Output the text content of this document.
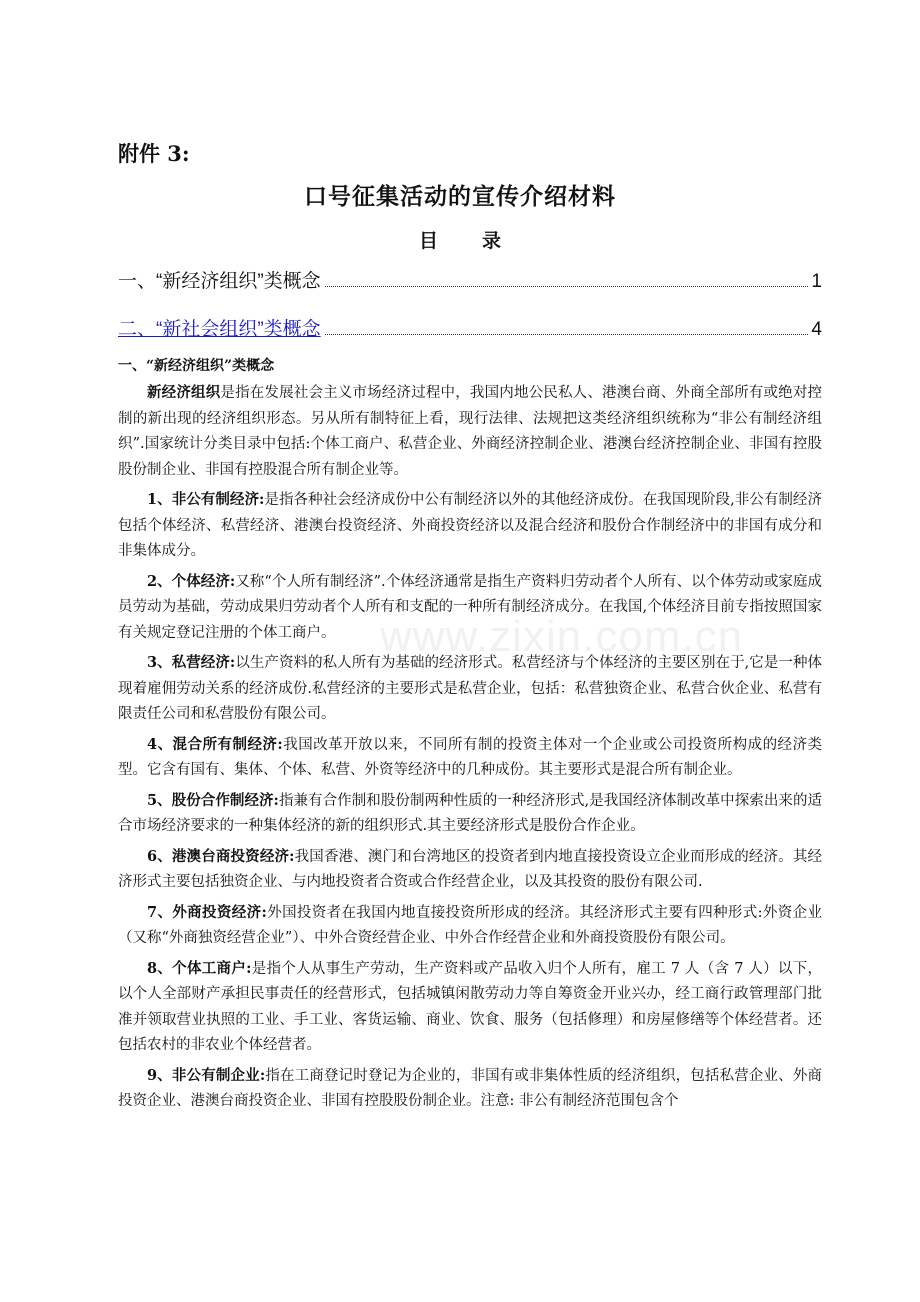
www.zixin.com.cn
附件 3:
口号征集活动的宣传介绍材料
目录
一、“新经济组织”类概念	1
二、“新社会组织”类概念	4
一、“新经济组织”类概念

新经济组织是指在发展社会主义市场经济过程中，我国内地公民私人、港澳台商、外商全部所有或绝对控制的新出现的经济组织形态。另从所有制特征上看，现行法律、法规把这类经济组织统称为“非公有制经济组织”.国家统计分类目录中包括:个体工商户、私营企业、外商经济控制企业、港澳台经济控制企业、非国有控股股份制企业、非国有控股混合所有制企业等。

1、非公有制经济:是指各种社会经济成份中公有制经济以外的其他经济成份。在我国现阶段,非公有制经济包括个体经济、私营经济、港澳台投资经济、外商投资经济以及混合经济和股份合作制经济中的非国有成分和非集体成分。

2、个体经济:又称“个人所有制经济”.个体经济通常是指生产资料归劳动者个人所有、以个体劳动或家庭成员劳动为基础，劳动成果归劳动者个人所有和支配的一种所有制经济成分。在我国,个体经济目前专指按照国家有关规定登记注册的个体工商户。

3、私营经济:以生产资料的私人所有为基础的经济形式。私营经济与个体经济的主要区别在于,它是一种体现着雇佣劳动关系的经济成份.私营经济的主要形式是私营企业，包括：私营独资企业、私营合伙企业、私营有限责任公司和私营股份有限公司。

4、混合所有制经济:我国改革开放以来，不同所有制的投资主体对一个企业或公司投资所构成的经济类型。它含有国有、集体、个体、私营、外资等经济中的几种成份。其主要形式是混合所有制企业。

5、股份合作制经济:指兼有合作制和股份制两种性质的一种经济形式,是我国经济体制改革中探索出来的适合市场经济要求的一种集体经济的新的组织形式.其主要经济形式是股份合作企业。

6、港澳台商投资经济:我国香港、澳门和台湾地区的投资者到内地直接投资设立企业而形成的经济。其经济形式主要包括独资企业、与内地投资者合资或合作经营企业，以及其投资的股份有限公司.

7、外商投资经济:外国投资者在我国内地直接投资所形成的经济。其经济形式主要有四种形式:外资企业（又称“外商独资经营企业”）、中外合资经营企业、中外合作经营企业和外商投资股份有限公司。

8、个体工商户:是指个人从事生产劳动，生产资料或产品收入归个人所有，雇工 7 人（含 7 人）以下，以个人全部财产承担民事责任的经营形式，包括城镇闲散劳动力等自筹资金开业兴办，经工商行政管理部门批准并领取营业执照的工业、手工业、客货运输、商业、饮食、服务（包括修理）和房屋修缮等个体经营者。还包括农村的非农业个体经营者。

9、非公有制企业:指在工商登记时登记为企业的，非国有或非集体性质的经济组织，包括私营企业、外商投资企业、港澳台商投资企业、非国有控股股份制企业。注意: 非公有制经济范围包含个
